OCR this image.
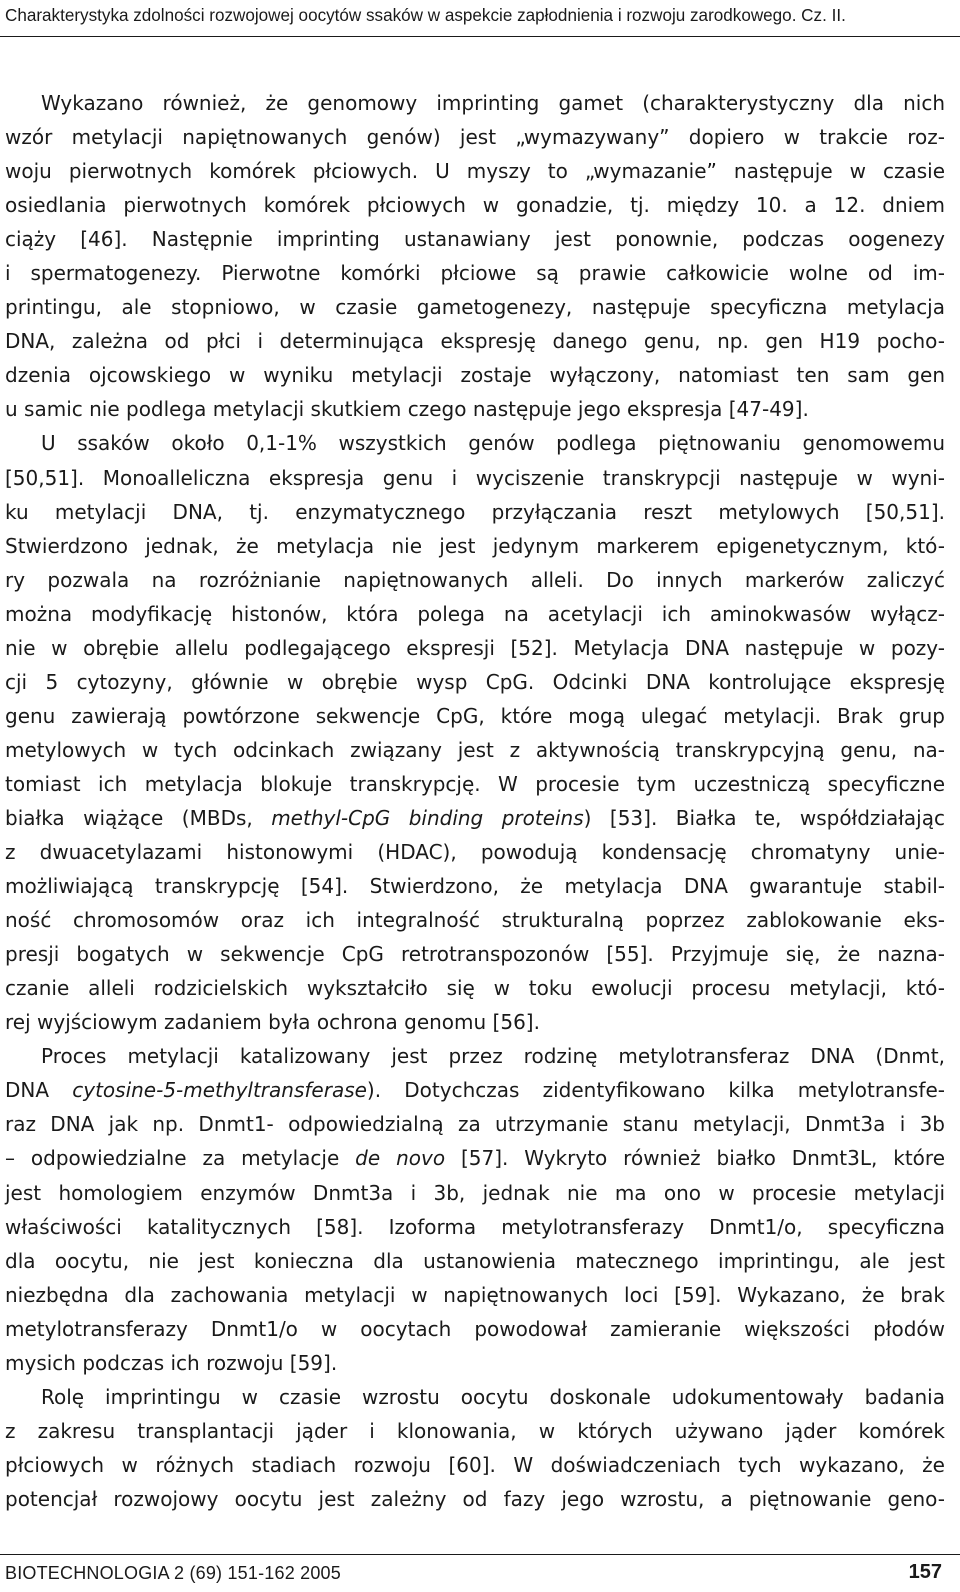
Charakterystyka zdolności rozwojowej oocytów ssaków w aspekcie zapłodnienia i rozwoju zarodkowego. Cz. II.
Wykazano również, że genomowy imprinting gamet (charakterystyczny dla nich
wzór metylacji napiętnowanych genów) jest „wymazywany” dopiero w trakcie roz-
woju pierwotnych komórek płciowych. U myszy to „wymazanie” następuje w czasie
osiedlania pierwotnych komórek płciowych w gonadzie, tj. między 10. a 12. dniem
ciąży [46]. Następnie imprinting ustanawiany jest ponownie, podczas oogenezy
i spermatogenezy. Pierwotne komórki płciowe są prawie całkowicie wolne od im-
printingu, ale stopniowo, w czasie gametogenezy, następuje specyficzna metylacja
DNA, zależna od płci i determinująca ekspresję danego genu, np. gen H19 pocho-
dzenia ojcowskiego w wyniku metylacji zostaje wyłączony, natomiast ten sam gen
u samic nie podlega metylacji skutkiem czego następuje jego ekspresja [47-49].
U ssaków około 0,1-1% wszystkich genów podlega piętnowaniu genomowemu
[50,51]. Monoalleliczna ekspresja genu i wyciszenie transkrypcji następuje w wyni-
ku metylacji DNA, tj. enzymatycznego przyłączania reszt metylowych [50,51].
Stwierdzono jednak, że metylacja nie jest jedynym markerem epigenetycznym, któ-
ry pozwala na rozróżnianie napiętnowanych alleli. Do innych markerów zaliczyć
można modyfikację histonów, która polega na acetylacji ich aminokwasów wyłącz-
nie w obrębie allelu podlegającego ekspresji [52]. Metylacja DNA następuje w pozy-
cji 5 cytozyny, głównie w obrębie wysp CpG. Odcinki DNA kontrolujące ekspresję
genu zawierają powtórzone sekwencje CpG, które mogą ulegać metylacji. Brak grup
metylowych w tych odcinkach związany jest z aktywnością transkrypcyjną genu, na-
tomiast ich metylacja blokuje transkrypcję. W procesie tym uczestniczą specyficzne
białka wiążące (MBDs, methyl-CpG binding proteins) [53]. Białka te, współdziałając
z dwuacetylazami histonowymi (HDAC), powodują kondensację chromatyny unie-
możliwiającą transkrypcję [54]. Stwierdzono, że metylacja DNA gwarantuje stabil-
ność chromosomów oraz ich integralność strukturalną poprzez zablokowanie eks-
presji bogatych w sekwencje CpG retrotranspozonów [55]. Przyjmuje się, że nazna-
czanie alleli rodzicielskich wykształciło się w toku ewolucji procesu metylacji, któ-
rej wyjściowym zadaniem była ochrona genomu [56].
Proces metylacji katalizowany jest przez rodzinę metylotransferaz DNA (Dnmt,
DNA cytosine-5-methyltransferase). Dotychczas zidentyfikowano kilka metylotransfe-
raz DNA jak np. Dnmt1- odpowiedzialną za utrzymanie stanu metylacji, Dnmt3a i 3b
– odpowiedzialne za metylacje de novo [57]. Wykryto również białko Dnmt3L, które
jest homologiem enzymów Dnmt3a i 3b, jednak nie ma ono w procesie metylacji
właściwości katalitycznych [58]. Izoforma metylotransferazy Dnmt1/o, specyficzna
dla oocytu, nie jest konieczna dla ustanowienia matecznego imprintingu, ale jest
niezbędna dla zachowania metylacji w napiętnowanych loci [59]. Wykazano, że brak
metylotransferazy Dnmt1/o w oocytach powodował zamieranie większości płodów
mysich podczas ich rozwoju [59].
Rolę imprintingu w czasie wzrostu oocytu doskonale udokumentowały badania
z zakresu transplantacji jąder i klonowania, w których używano jąder komórek
płciowych w różnych stadiach rozwoju [60]. W doświadczeniach tych wykazano, że
potencjał rozwojowy oocytu jest zależny od fazy jego wzrostu, a piętnowanie geno-
BIOTECHNOLOGIA 2 (69) 151-162 2005	157
